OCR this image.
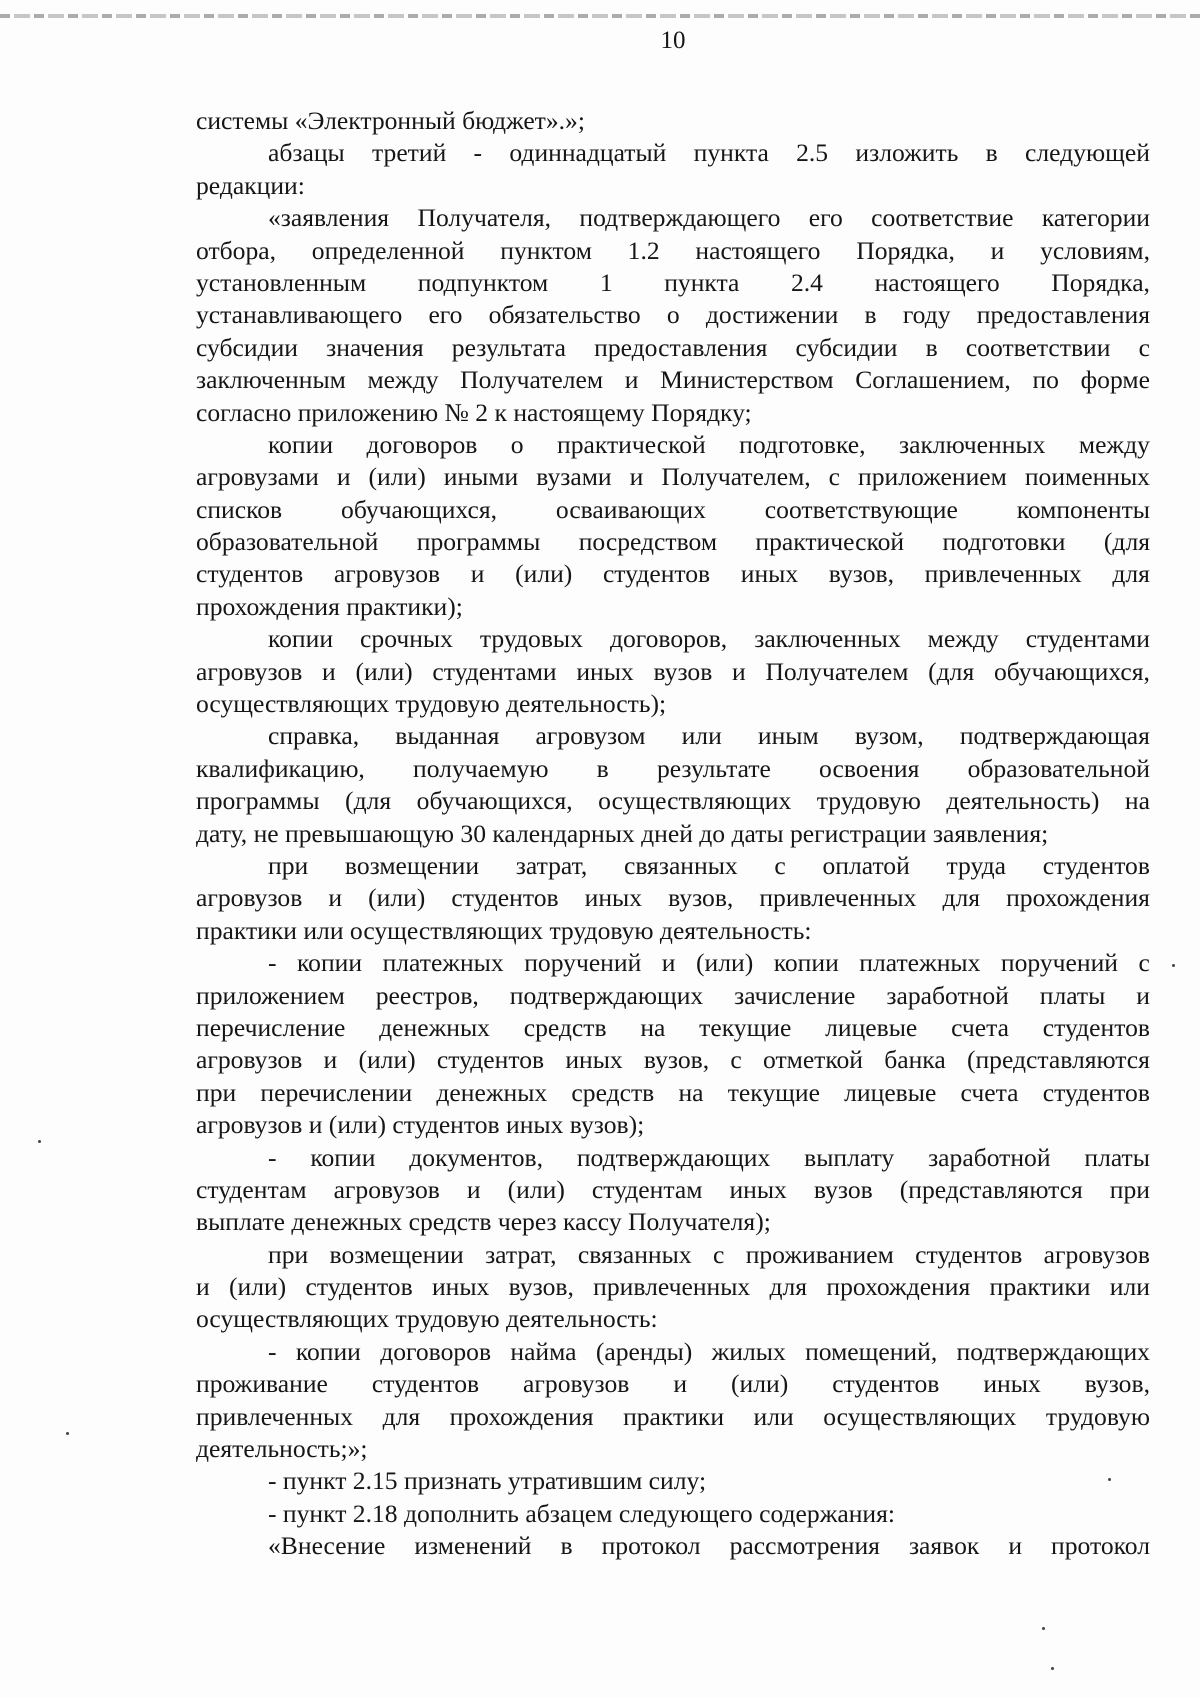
10
системы «Электронный бюджет».»;
абзацы третий - одиннадцатый пункта 2.5 изложить в следующей
редакции:
«заявления Получателя, подтверждающего его соответствие категории
отбора, определенной пунктом 1.2 настоящего Порядка, и условиям,
установленным подпунктом 1 пункта 2.4 настоящего Порядка,
устанавливающего его обязательство о достижении в году предоставления
субсидии значения результата предоставления субсидии в соответствии с
заключенным между Получателем и Министерством Соглашением, по форме
согласно приложению № 2 к настоящему Порядку;
копии договоров о практической подготовке, заключенных между
агровузами и (или) иными вузами и Получателем, с приложением поименных
списков обучающихся, осваивающих соответствующие компоненты
образовательной программы посредством практической подготовки (для
студентов агровузов и (или) студентов иных вузов, привлеченных для
прохождения практики);
копии срочных трудовых договоров, заключенных между студентами
агровузов и (или) студентами иных вузов и Получателем (для обучающихся,
осуществляющих трудовую деятельность);
справка, выданная агровузом или иным вузом, подтверждающая
квалификацию, получаемую в результате освоения образовательной
программы (для обучающихся, осуществляющих трудовую деятельность) на
дату, не превышающую 30 календарных дней до даты регистрации заявления;
при возмещении затрат, связанных с оплатой труда студентов
агровузов и (или) студентов иных вузов, привлеченных для прохождения
практики или осуществляющих трудовую деятельность:
- копии платежных поручений и (или) копии платежных поручений с
приложением реестров, подтверждающих зачисление заработной платы и
перечисление денежных средств на текущие лицевые счета студентов
агровузов и (или) студентов иных вузов, с отметкой банка (представляются
при перечислении денежных средств на текущие лицевые счета студентов
агровузов и (или) студентов иных вузов);
- копии документов, подтверждающих выплату заработной платы
студентам агровузов и (или) студентам иных вузов (представляются при
выплате денежных средств через кассу Получателя);
при возмещении затрат, связанных с проживанием студентов агровузов
и (или) студентов иных вузов, привлеченных для прохождения практики или
осуществляющих трудовую деятельность:
- копии договоров найма (аренды) жилых помещений, подтверждающих
проживание студентов агровузов и (или) студентов иных вузов,
привлеченных для прохождения практики или осуществляющих трудовую
деятельность;»;
- пункт 2.15 признать утратившим силу;
- пункт 2.18 дополнить абзацем следующего содержания:
«Внесение изменений в протокол рассмотрения заявок и протокол
